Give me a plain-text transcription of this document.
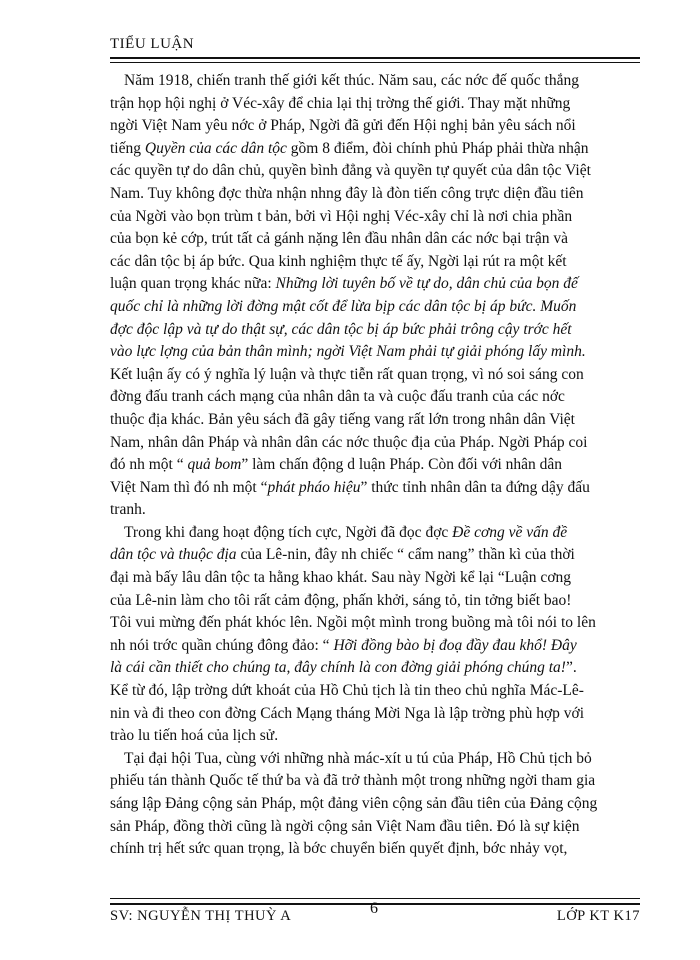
TIỂU LUẬN
Năm 1918, chiến tranh thế giới kết thúc. Năm sau, các nớc đế quốc thắng
trận họp hội nghị ở Véc-xây để chia lại thị trờng thế giới. Thay mặt những
ngời Việt Nam yêu nớc ở Pháp, Ngời đã gửi đến Hội nghị bản yêu sách nổi
tiếng Quyền của các dân tộc gồm 8 điểm, đòi chính phủ Pháp phải thừa nhận
các quyền tự do dân chủ, quyền bình đẳng và quyền tự quyết của dân tộc Việt
Nam. Tuy không đợc thừa nhận nhng đây là đòn tiến công trực diện đầu tiên
của Ngời vào bọn trùm t bản, bởi vì Hội nghị Véc-xây chỉ là nơi chia phần
của bọn kẻ cớp, trút tất cả gánh nặng lên đầu nhân dân các nớc bại trận và
các dân tộc bị áp bức. Qua kinh nghiệm thực tế ấy, Ngời lại rút ra một kết
luận quan trọng khác nữa: Những lời tuyên bố về tự do, dân chủ của bọn đế
quốc chỉ là những lời đờng mật cốt để lừa bịp các dân tộc bị áp bức. Muốn
đợc độc lập và tự do thật sự, các dân tộc bị áp bức phải trông cậy trớc hết
vào lực lợng của bản thân mình; ngời Việt Nam phải tự giải phóng lấy mình.
Kết luận ấy có ý nghĩa lý luận và thực tiễn rất quan trọng, vì nó soi sáng con
đờng đấu tranh cách mạng của nhân dân ta và cuộc đấu tranh của các nớc
thuộc địa khác. Bản yêu sách đã gây tiếng vang rất lớn trong nhân dân Việt
Nam, nhân dân Pháp và nhân dân các nớc thuộc địa của Pháp. Ngời Pháp coi
đó nh một “ quả bom” làm chấn động d luận Pháp. Còn đối với nhân dân
Việt Nam thì đó nh một “phát pháo hiệu” thức tỉnh nhân dân ta đứng dậy đấu
tranh.
Trong khi đang hoạt động tích cực, Ngời đã đọc đợc Đề cơng về vấn đề
dân tộc và thuộc địa của Lê-nin, đây nh chiếc “ cẩm nang” thần kì của thời
đại mà bấy lâu dân tộc ta hằng khao khát. Sau này Ngời kể lại “Luận cơng
của Lê-nin làm cho tôi rất cảm động, phấn khởi, sáng tỏ, tin tởng biết bao!
Tôi vui mừng đến phát khóc lên. Ngồi một mình trong buồng mà tôi nói to lên
nh nói trớc quần chúng đông đảo: “ Hỡi đồng bào bị đoạ đầy đau khổ! Đây
là cái cần thiết cho chúng ta, đây chính là con đờng giải phóng chúng ta!”.
Kể từ đó, lập trờng dứt khoát của Hồ Chủ tịch là tin theo chủ nghĩa Mác-Lê-
nin và đi theo con đờng Cách Mạng tháng Mời Nga là lập trờng phù hợp với
trào lu tiến hoá của lịch sử.
Tại đại hội Tua, cùng với những nhà mác-xít u tú của Pháp, Hồ Chủ tịch bỏ
phiếu tán thành Quốc tế thứ ba và đã trở thành một trong những ngời tham gia
sáng lập Đảng cộng sản Pháp, một đảng viên cộng sản đầu tiên của Đảng cộng
sản Pháp, đồng thời cũng là ngời cộng sản Việt Nam đầu tiên. Đó là sự kiện
chính trị hết sức quan trọng, là bớc chuyển biến quyết định, bớc nhảy vọt,
SV: NGUYỄN THỊ THUỲ A	6	LỚP KT K17
